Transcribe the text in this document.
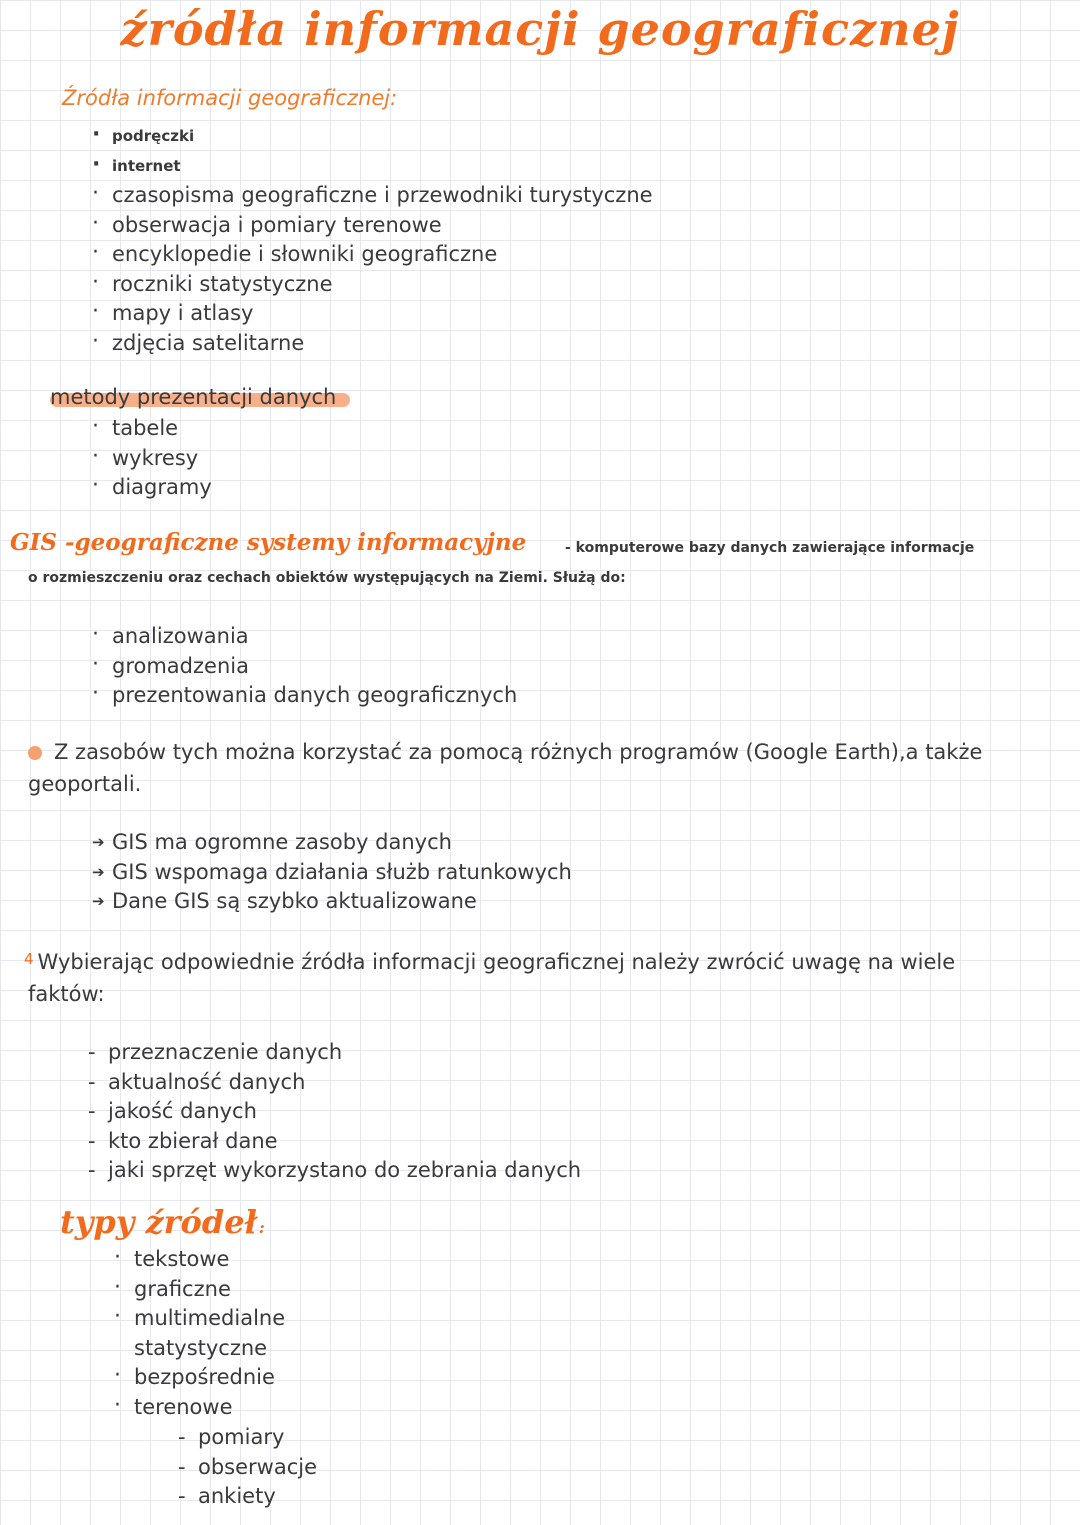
źródła informacji geograficznej
Źródła informacji geograficznej:
· podręczki
· internet
· czasopisma geograficzne i przewodniki turystyczne
· obserwacja i pomiary terenowe
· encyklopedie i słowniki geograficzne
· roczniki statystyczne
· mapy i atlasy
· zdjęcia satelitarne
metody prezentacji danych
· tabele
· wykresy
· diagramy
GIS -geograficzne systemy informacyjne	- komputerowe bazy danych zawierające informacje
o rozmieszczeniu oraz cechach obiektów występujących na Ziemi. Służą do:
· analizowania
· gromadzenia
· prezentowania danych geograficznych
Z zasobów tych można korzystać za pomocą różnych programów (Google Earth),a także
geoportali.
➔ GIS ma ogromne zasoby danych
➔ GIS wspomaga działania służb ratunkowych
➔ Dane GIS są szybko aktualizowane
$^4$ Wybierając odpowiednie źródła informacji geograficznej należy zwrócić uwagę na wiele
faktów:
- przeznaczenie danych
- aktualność danych
- jakość danych
- kto zbierał dane
- jaki sprzęt wykorzystano do zebrania danych
typy źródeł :
· tekstowe
· graficzne
· multimedialne
statystyczne
· bezpośrednie
· terenowe
- pomiary
- obserwacje
- ankiety
